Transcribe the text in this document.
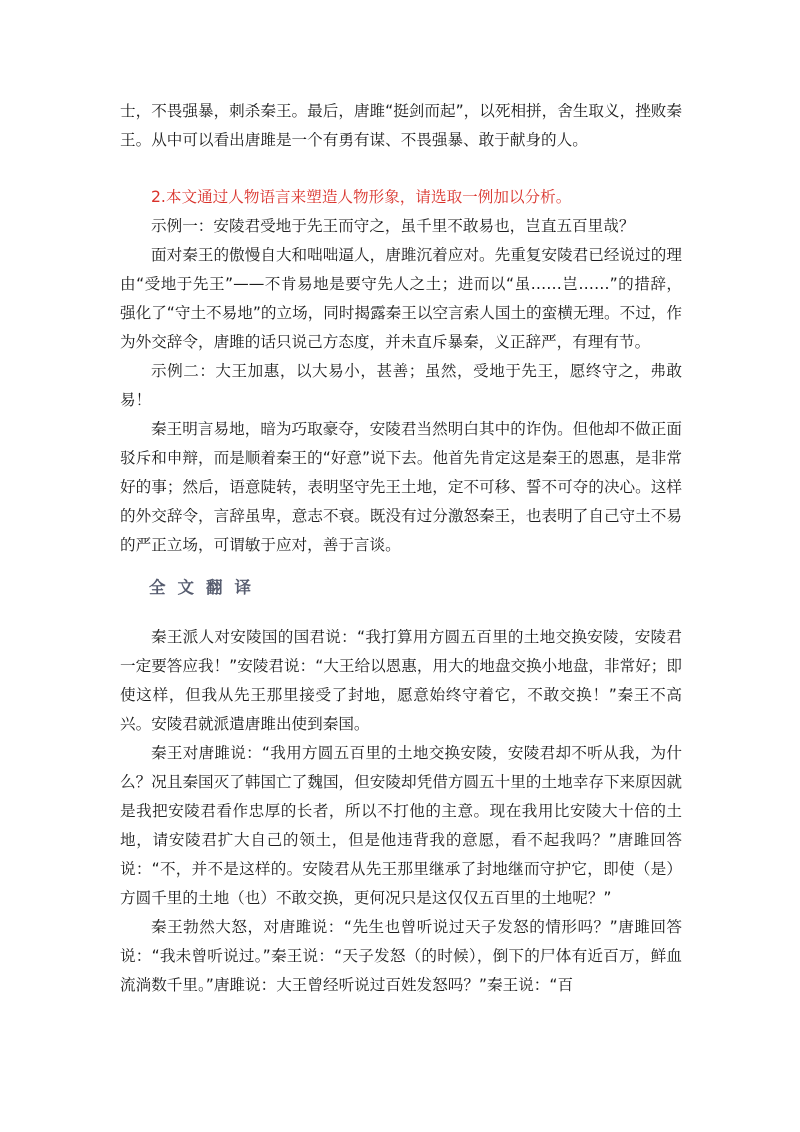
士，不畏强暴，刺杀秦王。最后，唐雎“挺剑而起”，以死相拼，舍生取义，挫败秦王。从中可以看出唐雎是一个有勇有谋、不畏强暴、敢于献身的人。

2.本文通过人物语言来塑造人物形象，请选取一例加以分析。

示例一：安陵君受地于先王而守之，虽千里不敢易也，岂直五百里哉？

面对秦王的傲慢自大和咄咄逼人，唐雎沉着应对。先重复安陵君已经说过的理由“受地于先王”——不肯易地是要守先人之土；进而以“虽……岂……”的措辞，强化了“守土不易地”的立场，同时揭露秦王以空言索人国土的蛮横无理。不过，作为外交辞令，唐雎的话只说己方态度，并未直斥暴秦，义正辞严，有理有节。

示例二：大王加惠，以大易小，甚善；虽然，受地于先王，愿终守之，弗敢易！

秦王明言易地，暗为巧取豪夺，安陵君当然明白其中的诈伪。但他却不做正面驳斥和申辩，而是顺着秦王的“好意”说下去。他首先肯定这是秦王的恩惠，是非常好的事；然后，语意陡转，表明坚守先王土地，定不可移、誓不可夺的决心。这样的外交辞令，言辞虽卑，意志不衰。既没有过分激怒秦王，也表明了自己守土不易的严正立场，可谓敏于应对，善于言谈。

全文翻译

秦王派人对安陵国的国君说：“我打算用方圆五百里的土地交换安陵，安陵君一定要答应我！”安陵君说：“大王给以恩惠，用大的地盘交换小地盘，非常好；即使这样，但我从先王那里接受了封地，愿意始终守着它，不敢交换！”秦王不高兴。安陵君就派遣唐雎出使到秦国。

秦王对唐雎说：“我用方圆五百里的土地交换安陵，安陵君却不听从我，为什么？况且秦国灭了韩国亡了魏国，但安陵却凭借方圆五十里的土地幸存下来原因就是我把安陵君看作忠厚的长者，所以不打他的主意。现在我用比安陵大十倍的土地，请安陵君扩大自己的领土，但是他违背我的意愿，看不起我吗？”唐雎回答说：“不，并不是这样的。安陵君从先王那里继承了封地继而守护它，即使（是）方圆千里的土地（也）不敢交换，更何况只是这仅仅五百里的土地呢？”

秦王勃然大怒，对唐雎说：“先生也曾听说过天子发怒的情形吗？”唐雎回答说：“我未曾听说过。”秦王说：“天子发怒（的时候），倒下的尸体有近百万，鲜血流淌数千里。”唐雎说：大王曾经听说过百姓发怒吗？”秦王说：“百
